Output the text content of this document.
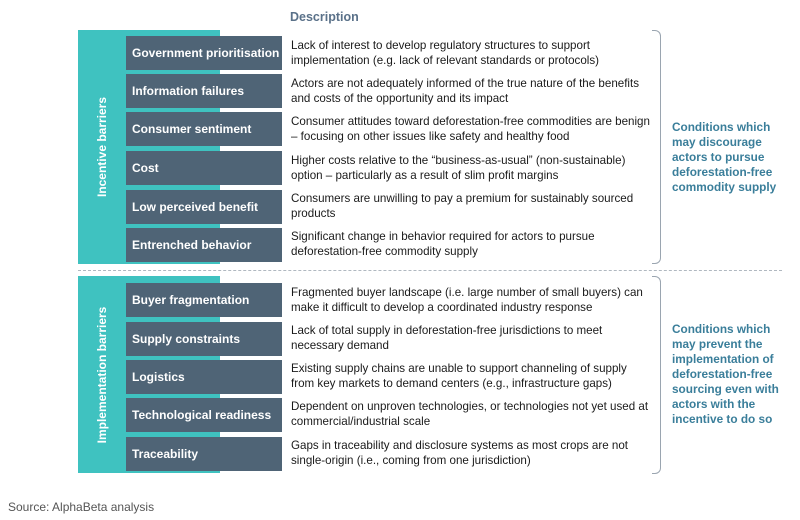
Description
Incentive barriers
Government prioritisation
Lack of interest to develop regulatory structures to support implementation (e.g. lack of relevant standards or protocols)
Information failures
Actors are not adequately informed of the true nature of the benefits and costs of the opportunity and its impact
Consumer sentiment
Consumer attitudes toward deforestation-free commodities are benign – focusing on other issues like safety and healthy food
Cost
Higher costs relative to the “business-as-usual” (non-sustainable) option – particularly as a result of slim profit margins
Low perceived benefit
Consumers are unwilling to pay a premium for sustainably sourced products
Entrenched behavior
Significant change in behavior required for actors to pursue deforestation-free commodity supply
Conditions which may discourage actors to pursue deforestation-free commodity supply
Implementation barriers
Buyer fragmentation
Fragmented buyer landscape (i.e. large number of small buyers) can make it difficult to develop a coordinated industry response
Supply constraints
Lack of total supply in deforestation-free jurisdictions to meet necessary demand
Logistics
Existing supply chains are unable to support channeling of supply from key markets to demand centers (e.g., infrastructure gaps)
Technological readiness
Dependent on unproven technologies, or technologies not yet used at commercial/industrial scale
Traceability
Gaps in traceability and disclosure systems as most crops are not single-origin (i.e., coming from one jurisdiction)
Conditions which may prevent the implementation of deforestation-free sourcing even with actors with the incentive to do so
Source: AlphaBeta analysis
